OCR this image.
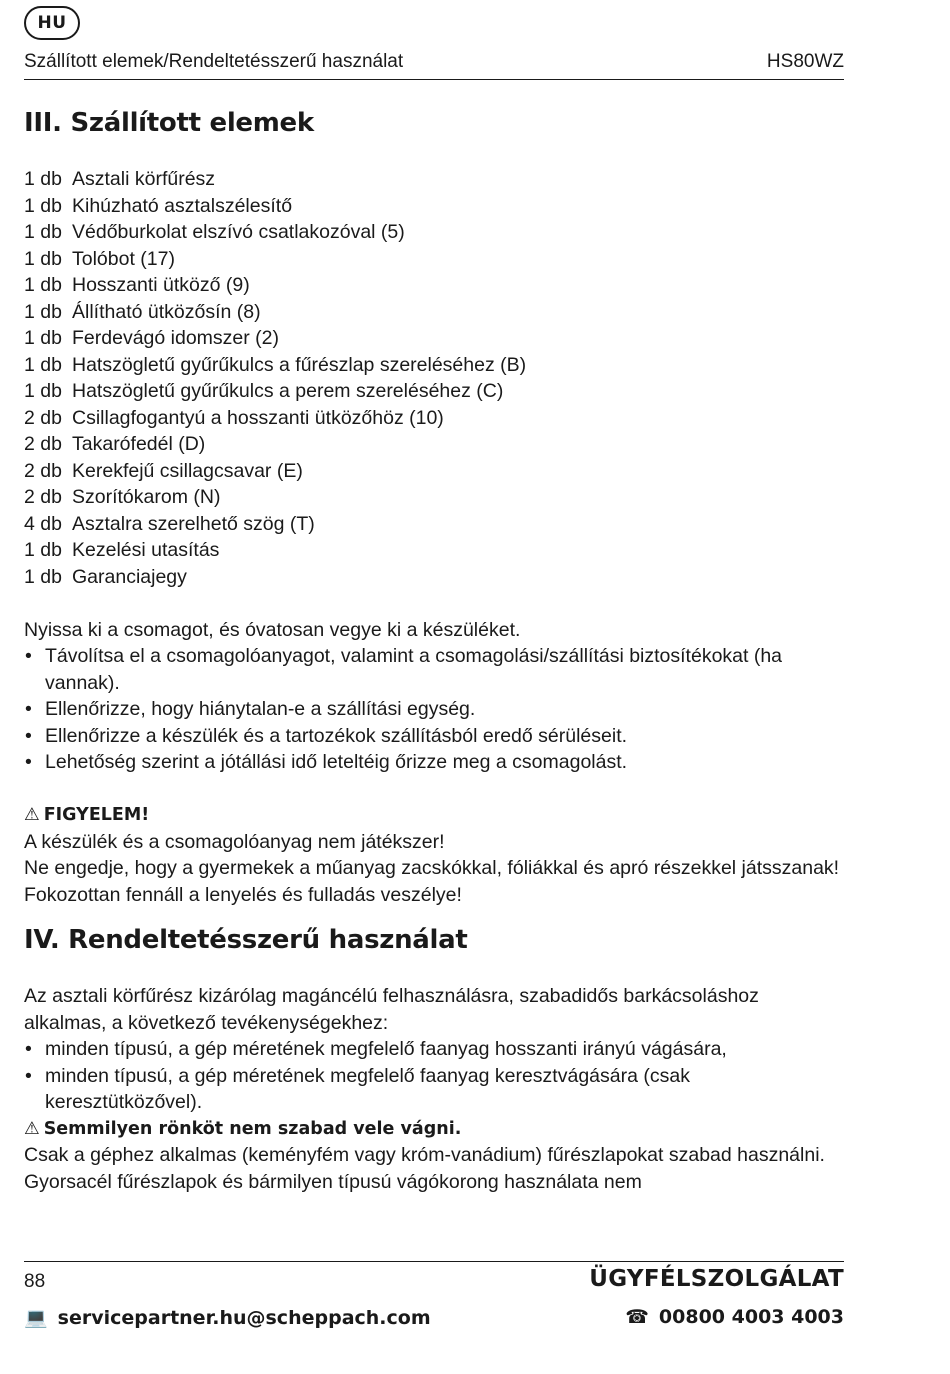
HU
Szállított elemek/Rendeltetésszerű használat	HS80WZ
III. Szállított elemek
1 db Asztali körfűrész
1 db Kihúzható asztalszélesítő
1 db Védőburkolat elszívó csatlakozóval (5)
1 db Tolóbot (17)
1 db Hosszanti ütköző (9)
1 db Állítható ütközősín (8)
1 db Ferdevágó idomszer (2)
1 db Hatszögletű gyűrűkulcs a fűrészlap szereléséhez (B)
1 db Hatszögletű gyűrűkulcs a perem szereléséhez (C)
2 db Csillagfogantyú a hosszanti ütközőhöz (10)
2 db Takarófedél (D)
2 db Kerekfejű csillagcsavar (E)
2 db Szorítókarom (N)
4 db Asztalra szerelhető szög (T)
1 db Kezelési utasítás
1 db Garanciajegy

Nyissa ki a csomagot, és óvatosan vegye ki a készüléket.

• Távolítsa el a csomagolóanyagot, valamint a csomagolási/szállítási biztosítékokat (ha vannak).
• Ellenőrizze, hogy hiánytalan-e a szállítási egység.
• Ellenőrizze a készülék és a tartozékok szállításból eredő sérüléseit.
• Lehetőség szerint a jótállási idő leteltéig őrizze meg a csomagolást.
⚠ FIGYELEM!

A készülék és a csomagolóanyag nem játékszer!

Ne engedje, hogy a gyermekek a műanyag zacskókkal, fóliákkal és apró részekkel játsszanak!

Fokozottan fennáll a lenyelés és fulladás veszélye!

IV. Rendeltetésszerű használat

Az asztali körfűrész kizárólag magáncélú felhasználásra, szabadidős barkácsoláshoz alkalmas, a következő tevékenységekhez:

• minden típusú, a gép méretének megfelelő faanyag hosszanti irányú vágására,
• minden típusú, a gép méretének megfelelő faanyag keresztvágására (csak keresztütközővel).
⚠ Semmilyen rönköt nem szabad vele vágni.

Csak a géphez alkalmas (keményfém vagy króm-vanádium) fűrészlapokat szabad használni. Gyorsacél fűrészlapok és bármilyen típusú vágókorong használata nem

88	ÜGYFÉLSZOLGÁLAT
💻 servicepartner.hu@scheppach.com	☎ 00800 4003 4003
